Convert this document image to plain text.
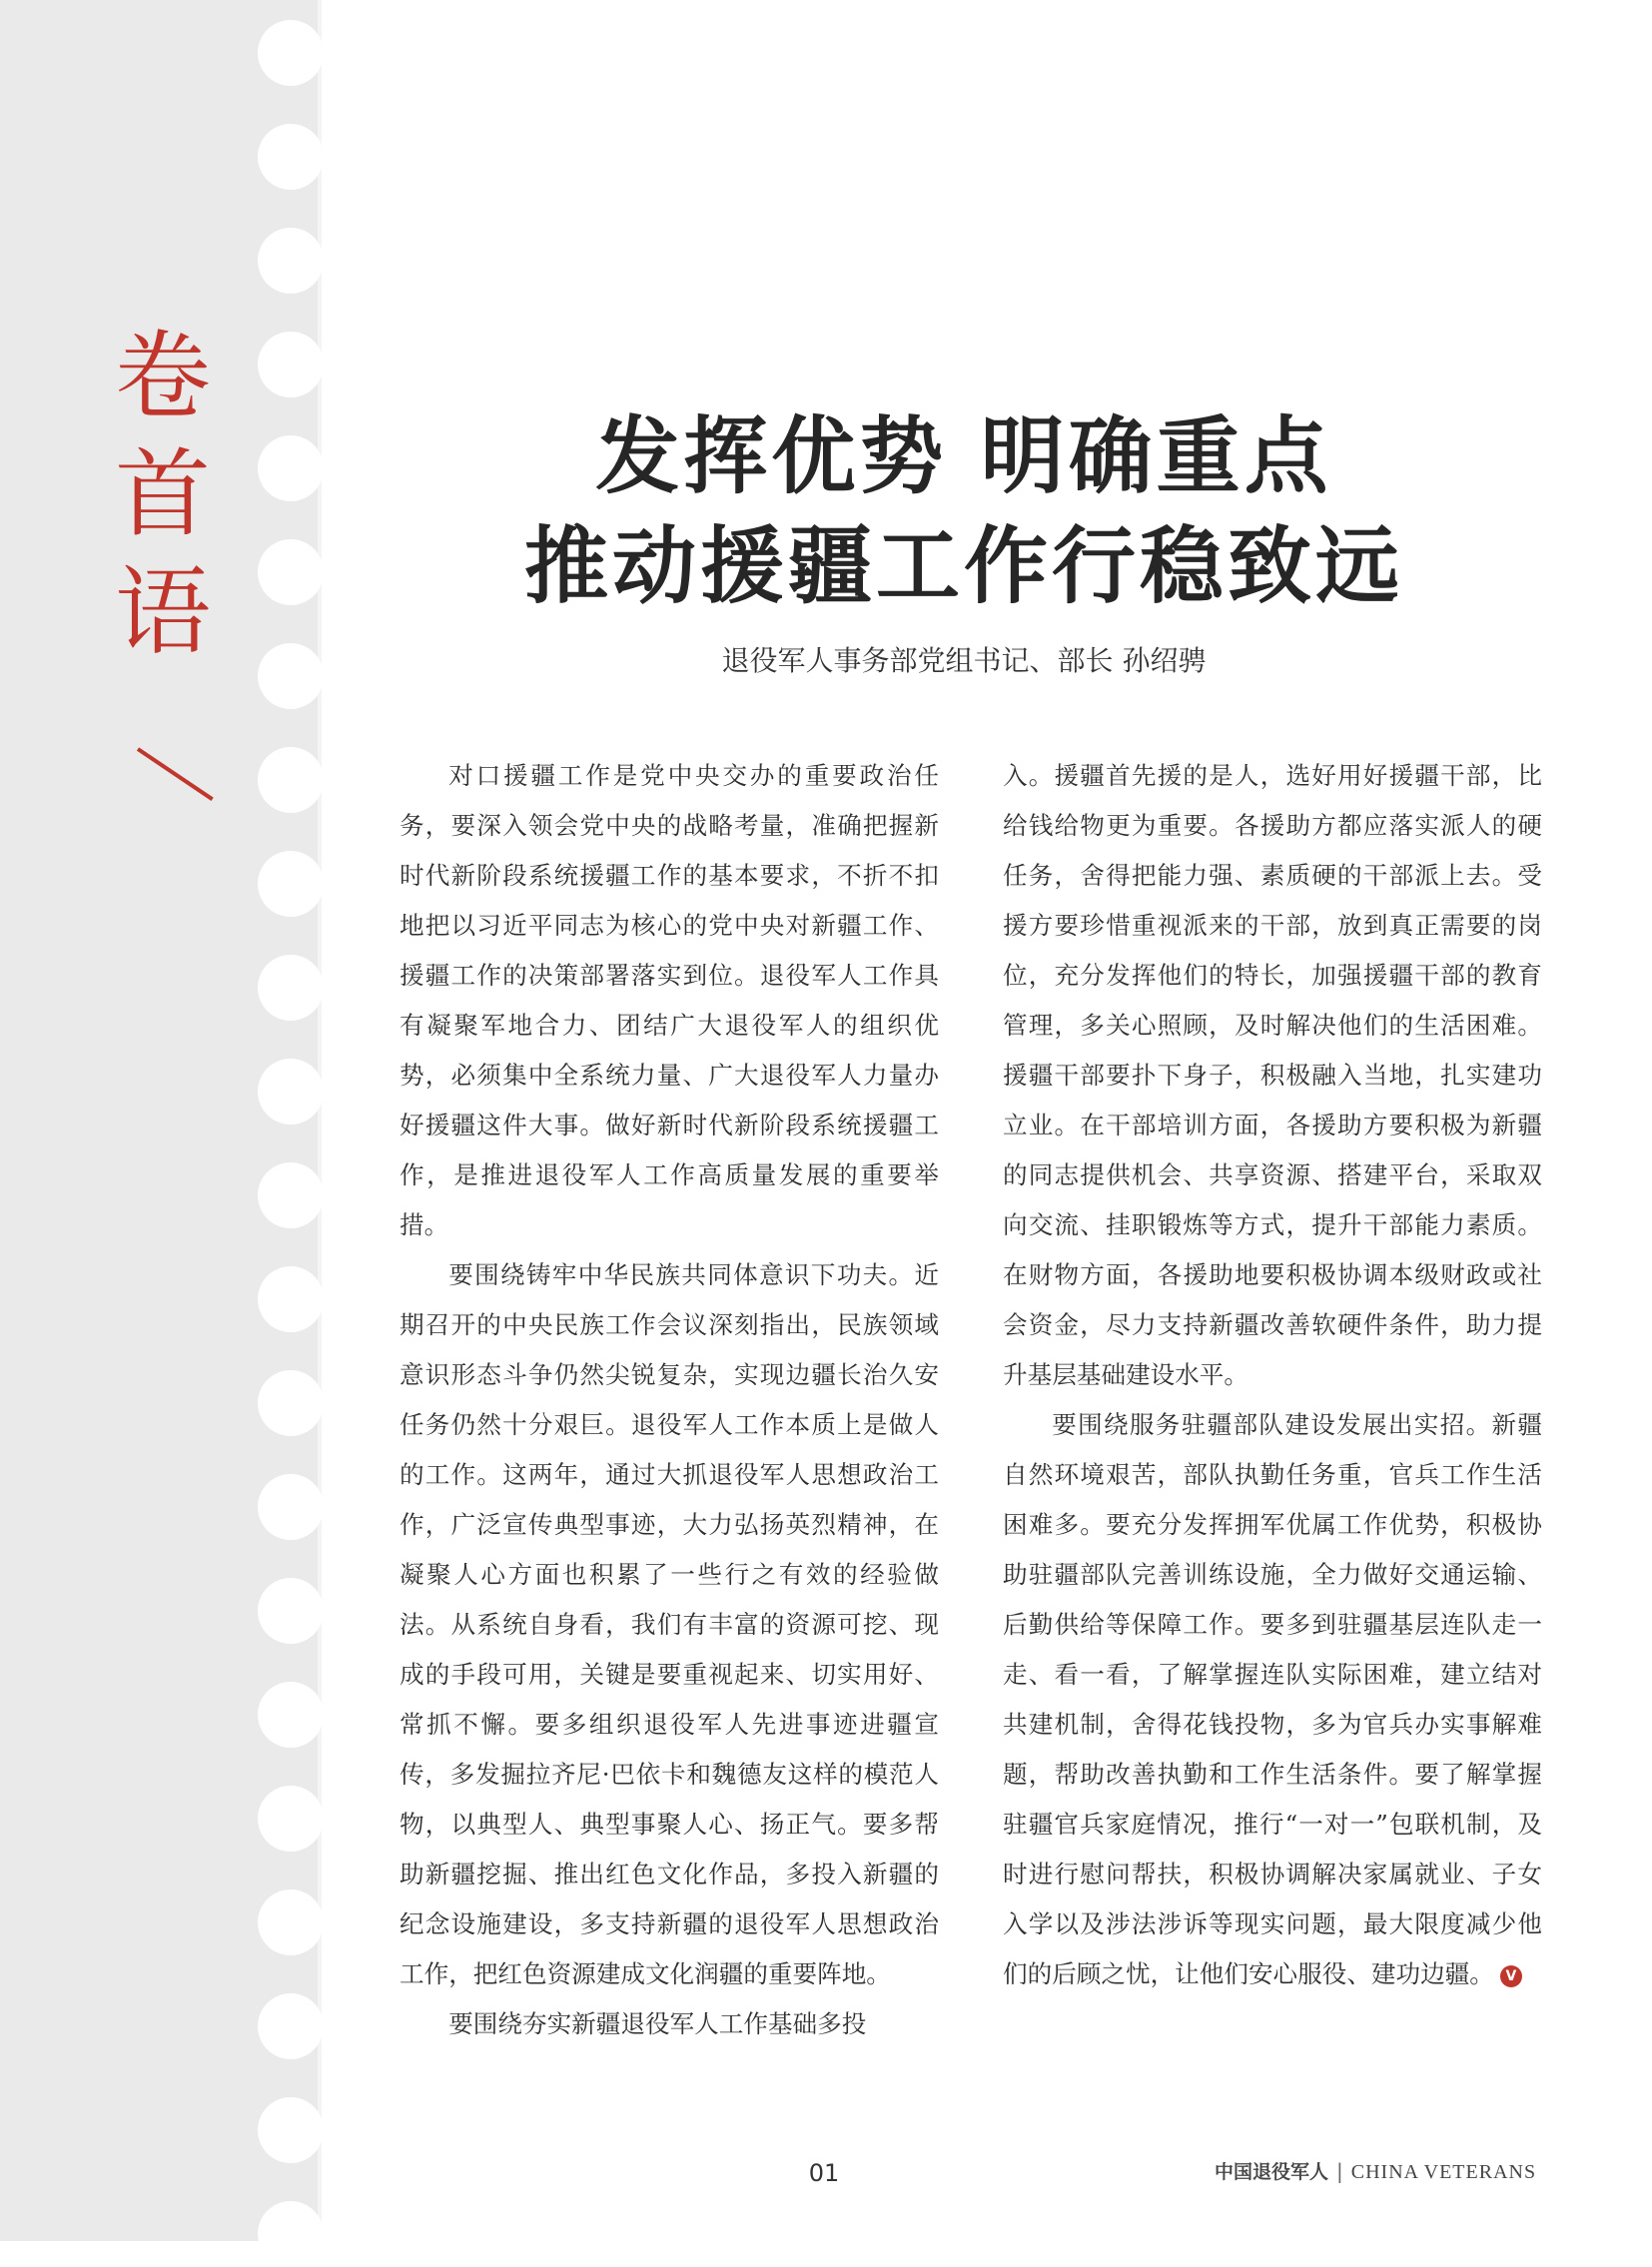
卷
首
语
发挥优势 明确重点
推动援疆工作行稳致远
退役军人事务部党组书记、部长 孙绍骋

对口援疆工作是党中央交办的重要政治任务，要深入领会党中央的战略考量，准确把握新时代新阶段系统援疆工作的基本要求，不折不扣地把以习近平同志为核心的党中央对新疆工作、援疆工作的决策部署落实到位。退役军人工作具有凝聚军地合力、团结广大退役军人的组织优势，必须集中全系统力量、广大退役军人力量办好援疆这件大事。做好新时代新阶段系统援疆工作，是推进退役军人工作高质量发展的重要举措。

要围绕铸牢中华民族共同体意识下功夫。近期召开的中央民族工作会议深刻指出，民族领域意识形态斗争仍然尖锐复杂，实现边疆长治久安任务仍然十分艰巨。退役军人工作本质上是做人的工作。这两年，通过大抓退役军人思想政治工作，广泛宣传典型事迹，大力弘扬英烈精神，在凝聚人心方面也积累了一些行之有效的经验做法。从系统自身看，我们有丰富的资源可挖、现成的手段可用，关键是要重视起来、切实用好、常抓不懈。要多组织退役军人先进事迹进疆宣传，多发掘拉齐尼·巴依卡和魏德友这样的模范人物，以典型人、典型事聚人心、扬正气。要多帮助新疆挖掘、推出红色文化作品，多投入新疆的纪念设施建设，多支持新疆的退役军人思想政治工作，把红色资源建成文化润疆的重要阵地。

要围绕夯实新疆退役军人工作基础多投

入。援疆首先援的是人，选好用好援疆干部，比给钱给物更为重要。各援助方都应落实派人的硬任务，舍得把能力强、素质硬的干部派上去。受援方要珍惜重视派来的干部，放到真正需要的岗位，充分发挥他们的特长，加强援疆干部的教育管理，多关心照顾，及时解决他们的生活困难。援疆干部要扑下身子，积极融入当地，扎实建功立业。在干部培训方面，各援助方要积极为新疆的同志提供机会、共享资源、搭建平台，采取双向交流、挂职锻炼等方式，提升干部能力素质。在财物方面，各援助地要积极协调本级财政或社会资金，尽力支持新疆改善软硬件条件，助力提升基层基础建设水平。

要围绕服务驻疆部队建设发展出实招。新疆自然环境艰苦，部队执勤任务重，官兵工作生活困难多。要充分发挥拥军优属工作优势，积极协助驻疆部队完善训练设施，全力做好交通运输、后勤供给等保障工作。要多到驻疆基层连队走一走、看一看，了解掌握连队实际困难，建立结对共建机制，舍得花钱投物，多为官兵办实事解难题，帮助改善执勤和工作生活条件。要了解掌握驻疆官兵家庭情况，推行“一对一”包联机制，及时进行慰问帮扶，积极协调解决家属就业、子女入学以及涉法涉诉等现实问题，最大限度减少他们的后顾之忧，让他们安心服役、建功边疆。 V

01	中国退役军人 | CHINA VETERANS
